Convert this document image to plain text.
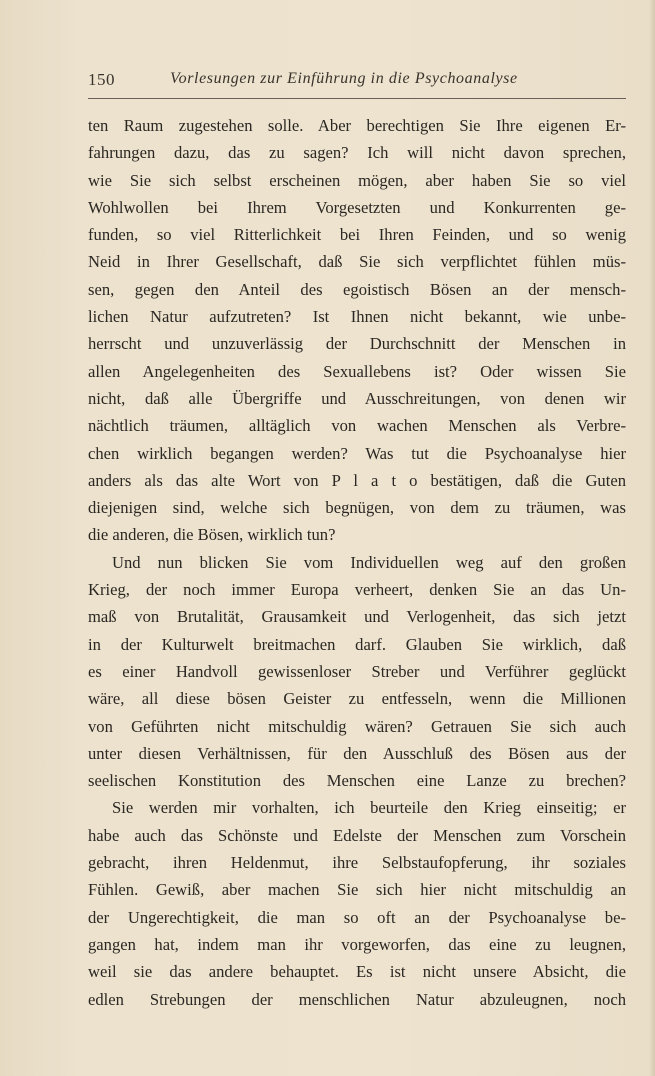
150	Vorlesungen zur Einführung in die Psychoanalyse
ten Raum zugestehen solle. Aber berechtigen Sie Ihre eigenen Er-
fahrungen dazu, das zu sagen? Ich will nicht davon sprechen,
wie Sie sich selbst erscheinen mögen, aber haben Sie so viel
Wohlwollen bei Ihrem Vorgesetzten und Konkurrenten ge-
funden, so viel Ritterlichkeit bei Ihren Feinden, und so wenig
Neid in Ihrer Gesellschaft, daß Sie sich verpflichtet fühlen müs-
sen, gegen den Anteil des egoistisch Bösen an der mensch-
lichen Natur aufzutreten? Ist Ihnen nicht bekannt, wie unbe-
herrscht und unzuverlässig der Durchschnitt der Menschen in
allen Angelegenheiten des Sexuallebens ist? Oder wissen Sie
nicht, daß alle Übergriffe und Ausschreitungen, von denen wir
nächtlich träumen, alltäglich von wachen Menschen als Verbre-
chen wirklich begangen werden? Was tut die Psychoanalyse hier
anders als das alte Wort von P l a t o bestätigen, daß die Guten
diejenigen sind, welche sich begnügen, von dem zu träumen, was
die anderen, die Bösen, wirklich tun?
Und nun blicken Sie vom Individuellen weg auf den großen
Krieg, der noch immer Europa verheert, denken Sie an das Un-
maß von Brutalität, Grausamkeit und Verlogenheit, das sich jetzt
in der Kulturwelt breitmachen darf. Glauben Sie wirklich, daß
es einer Handvoll gewissenloser Streber und Verführer geglückt
wäre, all diese bösen Geister zu entfesseln, wenn die Millionen
von Geführten nicht mitschuldig wären? Getrauen Sie sich auch
unter diesen Verhältnissen, für den Ausschluß des Bösen aus der
seelischen Konstitution des Menschen eine Lanze zu brechen?
Sie werden mir vorhalten, ich beurteile den Krieg einseitig; er
habe auch das Schönste und Edelste der Menschen zum Vorschein
gebracht, ihren Heldenmut, ihre Selbstaufopferung, ihr soziales
Fühlen. Gewiß, aber machen Sie sich hier nicht mitschuldig an
der Ungerechtigkeit, die man so oft an der Psychoanalyse be-
gangen hat, indem man ihr vorgeworfen, das eine zu leugnen,
weil sie das andere behauptet. Es ist nicht unsere Absicht, die
edlen Strebungen der menschlichen Natur abzuleugnen, noch
